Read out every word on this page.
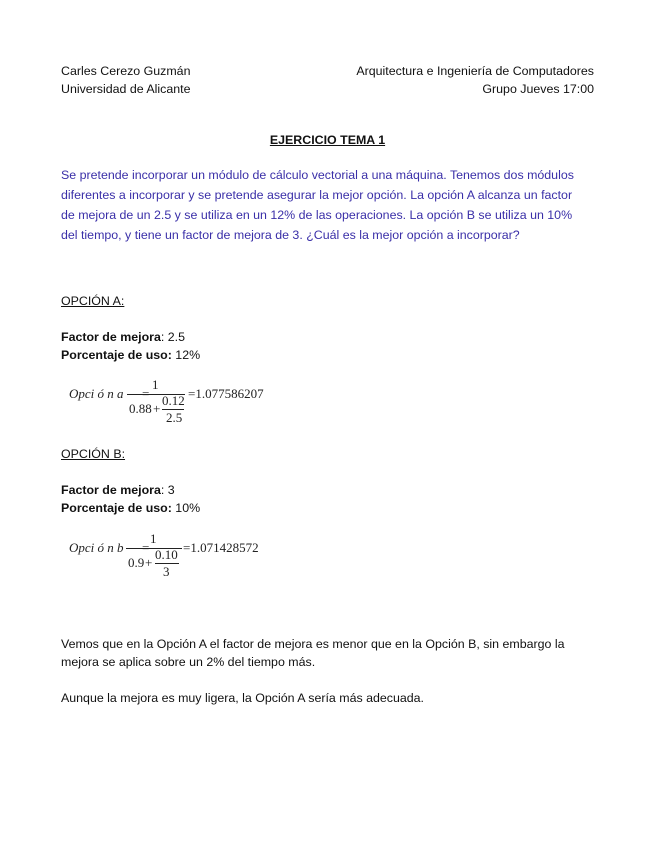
Carles Cerezo Guzmán
Universidad de Alicante
Arquitectura e Ingeniería de Computadores
Grupo Jueves 17:00
EJERCICIO TEMA 1
Se pretende incorporar un módulo de cálculo vectorial a una máquina. Tenemos dos módulos
diferentes a incorporar y se pretende asegurar la mejor opción. La opción A alcanza un factor
de mejora de un 2.5 y se utiliza en un 12% de las operaciones. La opción B se utiliza un 10%
del tiempo, y tiene un factor de mejora de 3. ¿Cuál es la mejor opción a incorporar?
OPCIÓN A:
Factor de mejora: 2.5
Porcentaje de uso: 12%
Opci ó n a
1
0.88 +
0.12
2.5
=1.077586207
OPCIÓN B:
Factor de mejora: 3
Porcentaje de uso: 10%
Opci ó n b
1
0.9 +
0.10
3
=1.071428572
Vemos que en la Opción A el factor de mejora es menor que en la Opción B, sin embargo la
mejora se aplica sobre un 2% del tiempo más.
Aunque la mejora es muy ligera, la Opción A sería más adecuada.
